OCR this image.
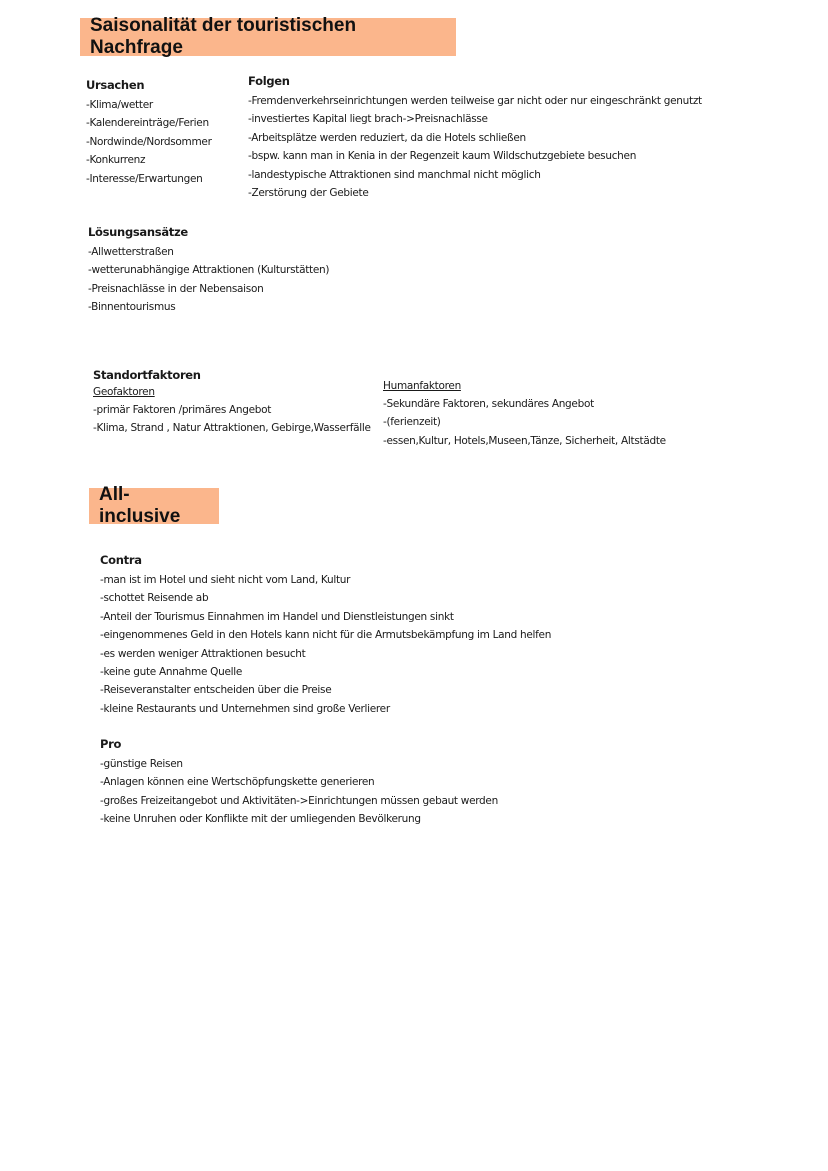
Saisonalität der touristischen Nachfrage
Ursachen
-Klima/wetter
-Kalendereinträge/Ferien
-Nordwinde/Nordsommer
-Konkurrenz
-Interesse/Erwartungen
Folgen
-Fremdenverkehrseinrichtungen werden teilweise gar nicht oder nur eingeschränkt genutzt
-investiertes Kapital liegt brach->Preisnachlässe
-Arbeitsplätze werden reduziert, da die Hotels schließen
-bspw. kann man in Kenia in der Regenzeit kaum Wildschutzgebiete besuchen
-landestypische Attraktionen sind manchmal nicht möglich
-Zerstörung der Gebiete
Lösungsansätze
-Allwetterstraßen
-wetterunabhängige Attraktionen (Kulturstätten)
-Preisnachlässe in der Nebensaison
-Binnentourismus
Standortfaktoren
Geofaktoren
-primär Faktoren /primäres Angebot
-Klima, Strand , Natur Attraktionen, Gebirge,Wasserfälle
Humanfaktoren
-Sekundäre Faktoren, sekundäres Angebot
-(ferienzeit)
-essen,Kultur, Hotels,Museen,Tänze, Sicherheit, Altstädte
All-inclusive
Contra
-man ist im Hotel und sieht nicht vom Land, Kultur
-schottet Reisende ab
-Anteil der Tourismus Einnahmen im Handel und Dienstleistungen sinkt
-eingenommenes Geld in den Hotels kann nicht für die Armutsbekämpfung im Land helfen
-es werden weniger Attraktionen besucht
-keine gute Annahme Quelle
-Reiseveranstalter entscheiden über die Preise
-kleine Restaurants und Unternehmen sind große Verlierer
Pro
-günstige Reisen
-Anlagen können eine Wertschöpfungskette generieren
-großes Freizeitangebot und Aktivitäten->Einrichtungen müssen gebaut werden
-keine Unruhen oder Konflikte mit der umliegenden Bevölkerung
